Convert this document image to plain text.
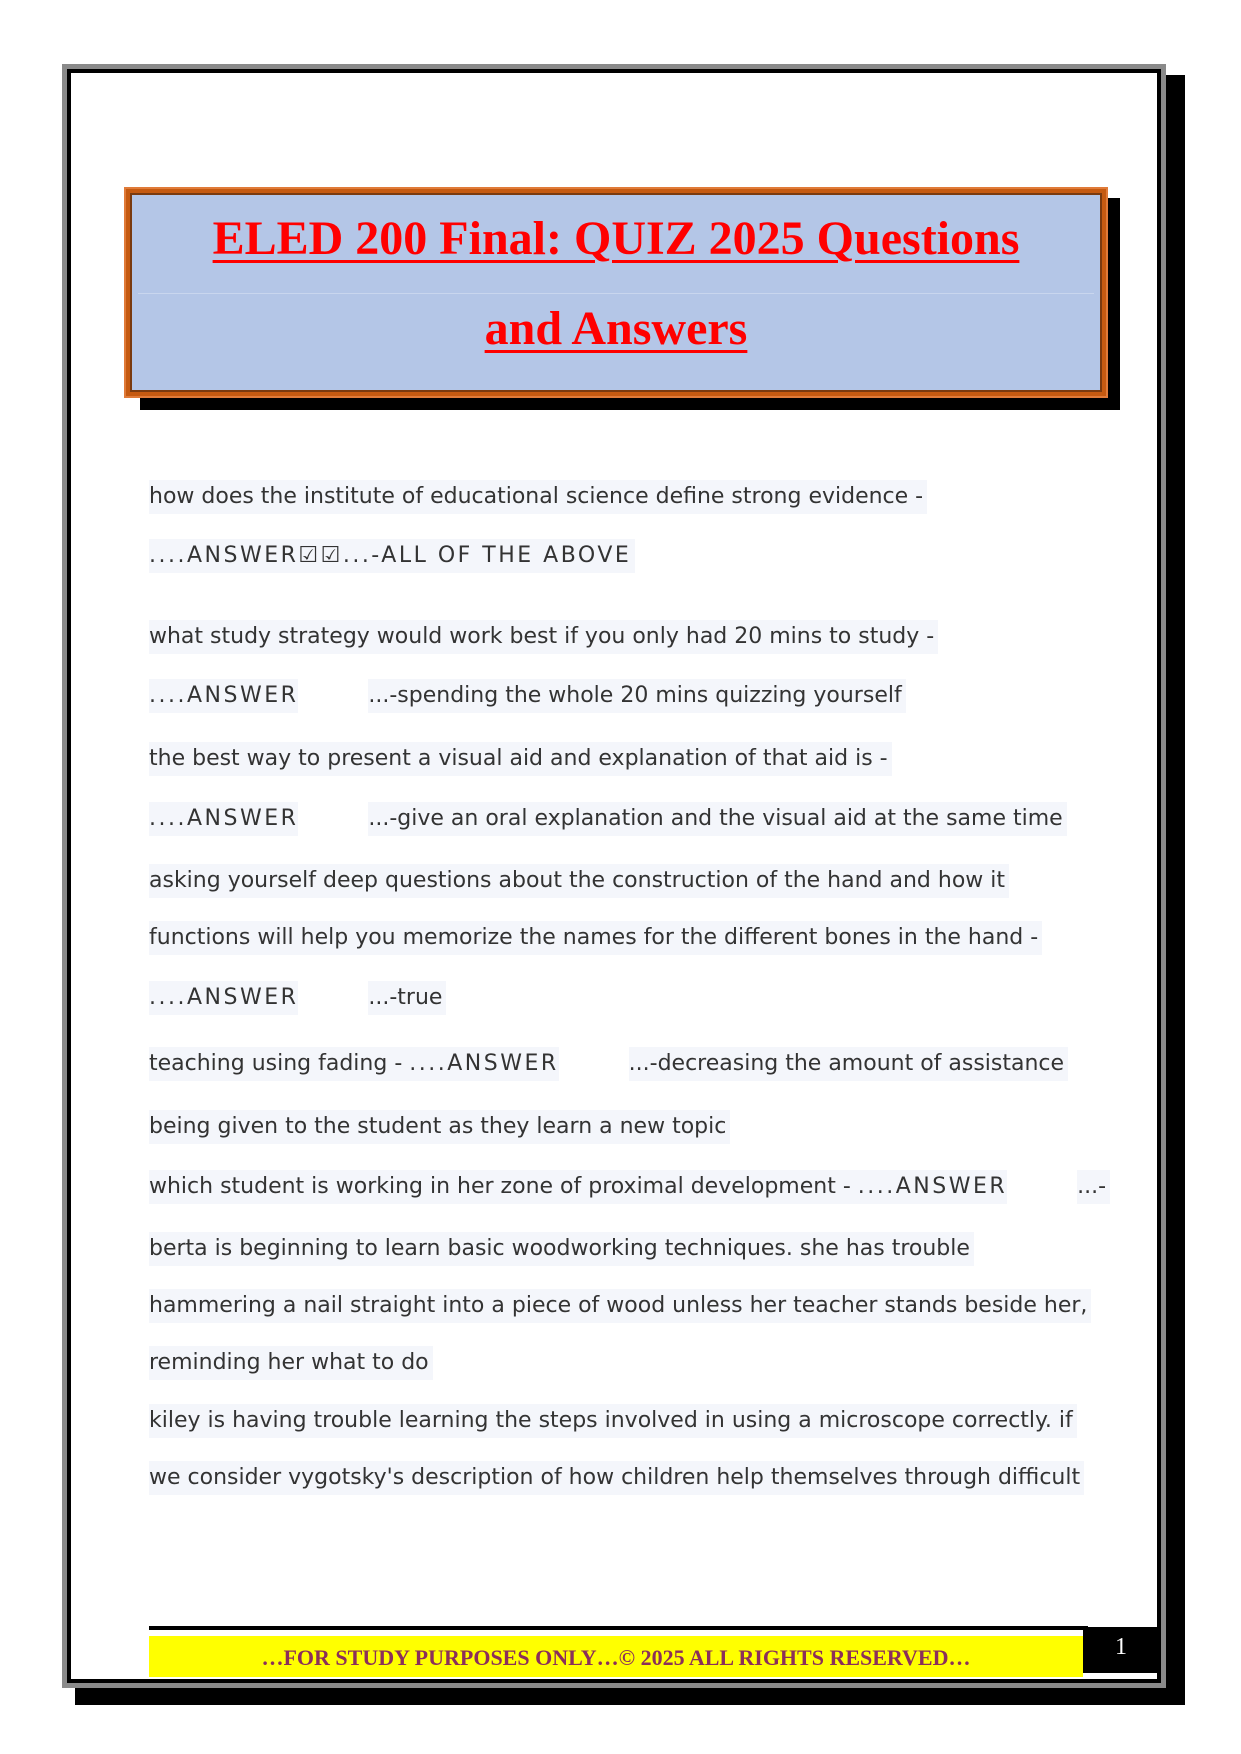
ELED 200 Final: QUIZ 2025 Questions
and Answers
how does the institute of educational science define strong evidence -
....ANSWER☑☑...-ALL OF THE ABOVE
what study strategy would work best if you only had 20 mins to study -
....ANSWER	...-spending the whole 20 mins quizzing yourself
the best way to present a visual aid and explanation of that aid is -
....ANSWER	...-give an oral explanation and the visual aid at the same time
asking yourself deep questions about the construction of the hand and how it
functions will help you memorize the names for the different bones in the hand -
....ANSWER	...-true
teaching using fading - ....ANSWER	...-decreasing the amount of assistance
being given to the student as they learn a new topic
which student is working in her zone of proximal development - ....ANSWER	...-
berta is beginning to learn basic woodworking techniques. she has trouble
hammering a nail straight into a piece of wood unless her teacher stands beside her,
reminding her what to do
kiley is having trouble learning the steps involved in using a microscope correctly. if
we consider vygotsky's description of how children help themselves through difficult
…FOR STUDY PURPOSES ONLY…© 2025 ALL RIGHTS RESERVED…	1
